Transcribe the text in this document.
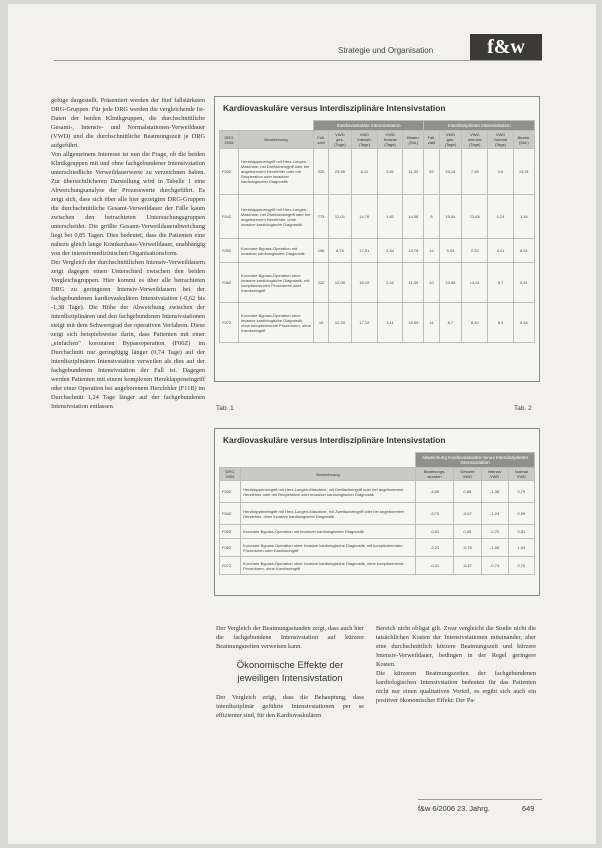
Strategie und Organisation	f&w

gefüge dargestellt. Präsentiert werden der fünf fallstärksten DRG-Gruppen. Für jede DRG werden die vergleichende Ist-Daten der beiden Klinikgruppen, die durchschnittliche Gesamt-, Intensiv- und Normalstationen-Verweildauer (VWD) und die durchschnittliche Beatmungszeit je DRG aufgeführt.

Von allgemeinem Interesse ist nun die Frage, ob die beiden Klinikgruppen mit und ohne fachgebundener Intensivstation unterschiedliche Verweildauerwerte zu verzeichnen haben. Zur übersichtlicheren Darstellung wird in Tabelle 1 eine Abweichungsanalyse der Prozesswerte durchgeführt. Es zeigt sich, dass sich über alle hier gezeigten DRG-Gruppen die durchschnittliche Gesamt-Verweildauer der Fälle kaum zwischen den betrachteten Untersuchungsgruppen unterscheidet. Die größte Gesamt-Verweildauerabweichung liegt bei 0,85 Tagen. Dies bedeutet, dass die Patienten eine nahezu gleich lange Krankenhaus-Verweildauer, unabhängig von der intensivmedizinischen Organisationsform.

Der Vergleich der durchschnittlichen Intensiv-Verweildauern zeigt dagegen einen Unterschied zwischen den beiden Vergleichsgruppen. Hier kommt es über alle betrachteten DRG zu geringeren Intensiv-Verweildauern bei der fachgebundenen kardiovaskulären Intensivstation (-0,62 bis -1,38 Tage). Die Höhe der Abweichung zwischen der interdisziplinären und den fachgebundenen Intensivstationen steigt mit dem Schweregrad der operativen Verfahren. Diese zeigt sich beispielsweise darin, dass Patienten mit einer „einfachen" koronaren Bypassoperation (F06Z) im Durchschnitt nur geringfügig länger (0,74 Tage) auf der interdisziplinären Intensivstation verweilen als dies auf der fachgebundenen Intensivstation der Fall ist. Dagegen werden Patienten mit einem komplexen Herzklappeneingriff oder einer Operation bei angeborenem Herzfehler (F11B) im Durchschnitt 1,24 Tage länger auf der fachgebundenen Intensivstation entlassen.

Kardiovaskuläre versus Interdisziplinäre Intensivstation
		Kardiovaskuläre Intensivstation					Interdisziplinäre Intensivstation				
DRG 2006	Bezeichnung	Fall-zahl	VWD ges. (Tage)	VWD Intensiv (Tage)	VWD Normal (Tage)	Beatm. (Std.)	Fall-zahl	VWD ges. (Tage)	VWD Intensiv (Tage)	VWD Normal (Tage)	Beatm. (Std.)
F03Z	Herzklappeneingriff mit Herz-Lungen-Maschine, mit Dreifacheingriff oder bei angeborenem Herzfehler oder mit Reoperation oder invasiver kardiologischer Diagnostik	225	23,99	6,11	3,81	11,32	62	23,14	7,48	4,6	15,91
F04Z	Herzklappeneingriff mit Herz-Lungen-Maschine, mit Zweifacheingriff oder bei angeborenem Herzfehler, ohne invasive kardiologische Diagnostik	773	12,01	14,76	1,81	14,58	6	15,34	13,65	0,24	1,16
F05Z	Koronare Bypass-Operation mit invasiver kardiologischer Diagnostik	196	8,76	17,01	1,54	13,78	14	9,34	2,22	4,21	8,31
F06Z	Koronare Bypass-Operation ohne invasive kardiologische Diagnostik, mit komplizierenden Prozeduren oder Karotiseingriff	222	12,09	15,19	2,42	11,39	10	23,58	14,31	5,7	0,31
F07Z	Koronare Bypass-Operation ohne invasive kardiologische Diagnostik, ohne komplizierende Prozeduren, ohne Karotiseingriff	10	12,20	17,19	3,11	15,09	11	8,7	8,19	5,9	9,16
Tab. 1	Tab. 2
Kardiovaskuläre versus Interdisziplinäre Intensivstation
		Abweichung Kardiovaskuläre minus Interdisziplinäre Intensivstation			
DRG 2006	Bezeichnung	Beatmungs-stunden	Gesamt VWD	Intensiv VWD	Normal VWD
F03Z	Herzklappeneingriff mit Herz-Lungen-Maschine, mit Dreifacheingriff oder bei angeborenem Herzfehler oder mit Reoperation oder invasiver kardiologischer Diagnostik	-4,59	0,85	-1,38	0,79
F04Z	Herzklappeneingriff mit Herz-Lungen-Maschine, mit Zweifacheingriff oder bei angeborenem Herzfehler, ohne invasive kardiologische Diagnostik	-3,75	-0,57	-1,24	0,99
F05Z	Koronare Bypass-Operation mit invasiver kardiologischer Diagnostik	-0,51	0,35	-0,70	0,81
F06Z	Koronare Bypass-Operation ohne invasive kardiologische Diagnostik, mit komplizierenden Prozeduren oder Karotiseingriff	-2,23	-0,79	-1,06	1,54
F07Z	Koronare Bypass-Operation ohne invasive kardiologische Diagnostik, ohne komplizierende Prozeduren, ohne Karotiseingriff	-0,31	-0,47	-0,74	0,75

Der Vergleich der Beatmungsstunden zeigt, dass auch hier die fachgebundene Intensivstation auf kürzere Beatmungszeiten verweisen kann.

Ökonomische Effekte der jeweiligen Intensivstation

Der Vergleich zeigt, dass die Behauptung, dass interdisziplinär geführte Intensivstationen per se effizienter sind, für den Kardiovaskulären

Bereich nicht obligat gilt. Zwar vergleicht die Studie nicht die tatsächlichen Kosten der Intensivstationen miteinander, aber eine durchschnittlich kürzere Beatmungszeit und kürzere Intensiv-Verweildauer, bedingen in der Regel geringere Kosten.

Die kürzeren Beatmungszeiten der fachgebundenen kardiologischen Intensivstation bedeuten für das Patienten nicht nur einen qualitativen Vorteil, es ergibt sich auch ein positiver ökonomischer Effekt: Der Pa-

f&w 6/2006 23. Jahrg.	649
